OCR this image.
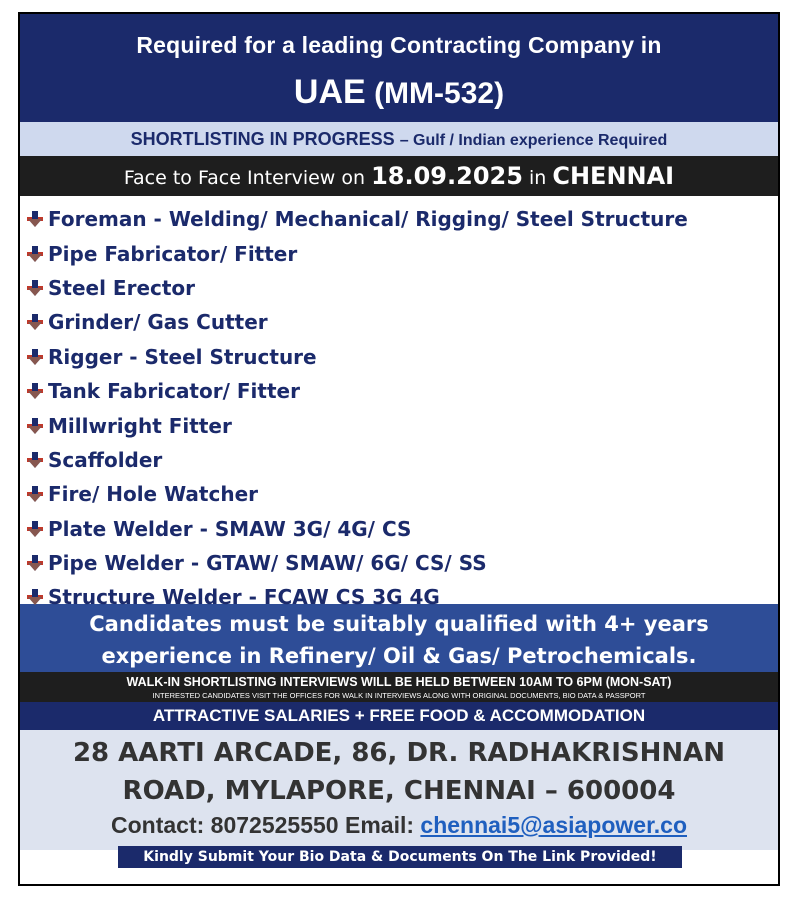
Required for a leading Contracting Company in
UAE (MM-532)
SHORTLISTING IN PROGRESS – Gulf / Indian experience Required
Face to Face Interview on 18.09.2025 in CHENNAI
Foreman - Welding/ Mechanical/ Rigging/ Steel Structure
Pipe Fabricator/ Fitter
Steel Erector
Grinder/ Gas Cutter
Rigger - Steel Structure
Tank Fabricator/ Fitter
Millwright Fitter
Scaffolder
Fire/ Hole Watcher
Plate Welder - SMAW 3G/ 4G/ CS
Pipe Welder - GTAW/ SMAW/ 6G/ CS/ SS
Structure Welder - FCAW CS 3G 4G
Candidates must be suitably qualified with 4+ years
experience in Refinery/ Oil & Gas/ Petrochemicals.
WALK-IN SHORTLISTING INTERVIEWS WILL BE HELD BETWEEN 10AM TO 6PM (MON-SAT)
INTERESTED CANDIDATES VISIT THE OFFICES FOR WALK IN INTERVIEWS ALONG WITH ORIGINAL DOCUMENTS, BIO DATA & PASSPORT
ATTRACTIVE SALARIES + FREE FOOD & ACCOMMODATION
28 AARTI ARCADE, 86, DR. RADHAKRISHNAN
ROAD, MYLAPORE, CHENNAI – 600004
Contact: 8072525550 Email: chennai5@asiapower.co
Kindly Submit Your Bio Data & Documents On The Link Provided!
